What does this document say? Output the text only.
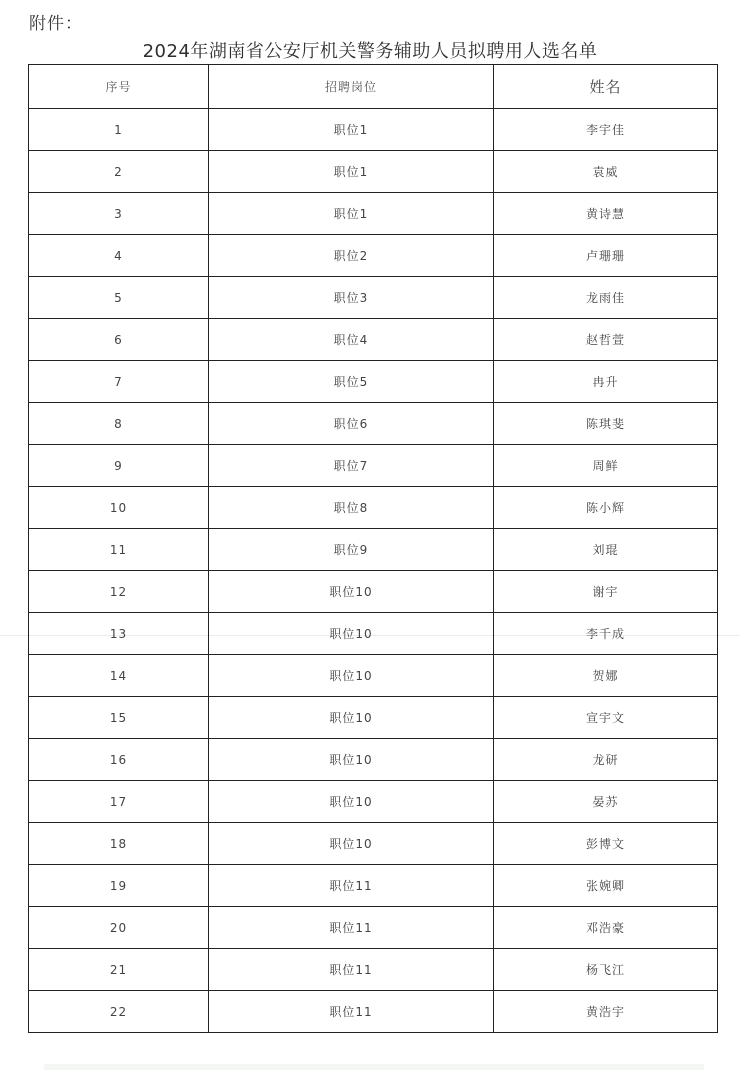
附件：
2024年湖南省公安厅机关警务辅助人员拟聘用人选名单
序号	招聘岗位	姓名
1	职位1	李宇佳
2	职位1	袁威
3	职位1	黄诗慧
4	职位2	卢珊珊
5	职位3	龙雨佳
6	职位4	赵哲萱
7	职位5	冉升
8	职位6	陈琪斐
9	职位7	周鲜
10	职位8	陈小辉
11	职位9	刘琨
12	职位10	谢宇
13	职位10	李千成
14	职位10	贺娜
15	职位10	宣宇文
16	职位10	龙研
17	职位10	晏苏
18	职位10	彭博文
19	职位11	张婉卿
20	职位11	邓浩豪
21	职位11	杨飞江
22	职位11	黄浩宇
